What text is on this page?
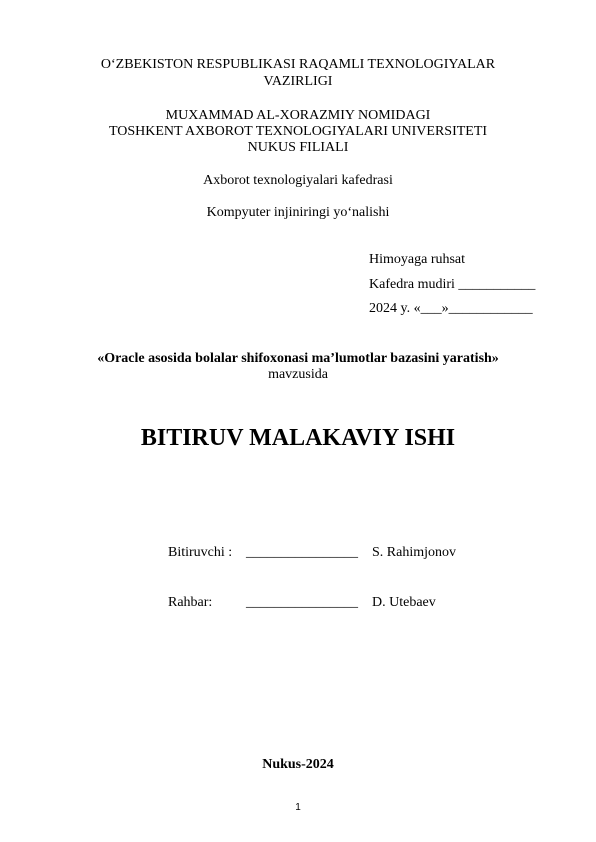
O‘ZBEKISTON RESPUBLIKASI RAQAMLI TEXNOLOGIYALAR
VAZIRLIGI
MUXAMMAD AL-XORAZMIY NOMIDAGI
TOSHKENT AXBOROT TEXNOLOGIYALARI UNIVERSITETI
NUKUS FILIALI
Axborot texnologiyalari kafedrasi
Kompyuter injiniringi yo‘nalishi
Himoyaga ruhsat
Kafedra mudiri ___________
2024 y. «___»____________
«Oracle asosida bolalar shifoxonasi ma’lumotlar bazasini yaratish»
mavzusida
BITIRUV MALAKAVIY ISHI
Bitiruvchi : ________________ S. Rahimjonov
Rahbar: ________________ D. Utebaev
Nukus-2024
1
